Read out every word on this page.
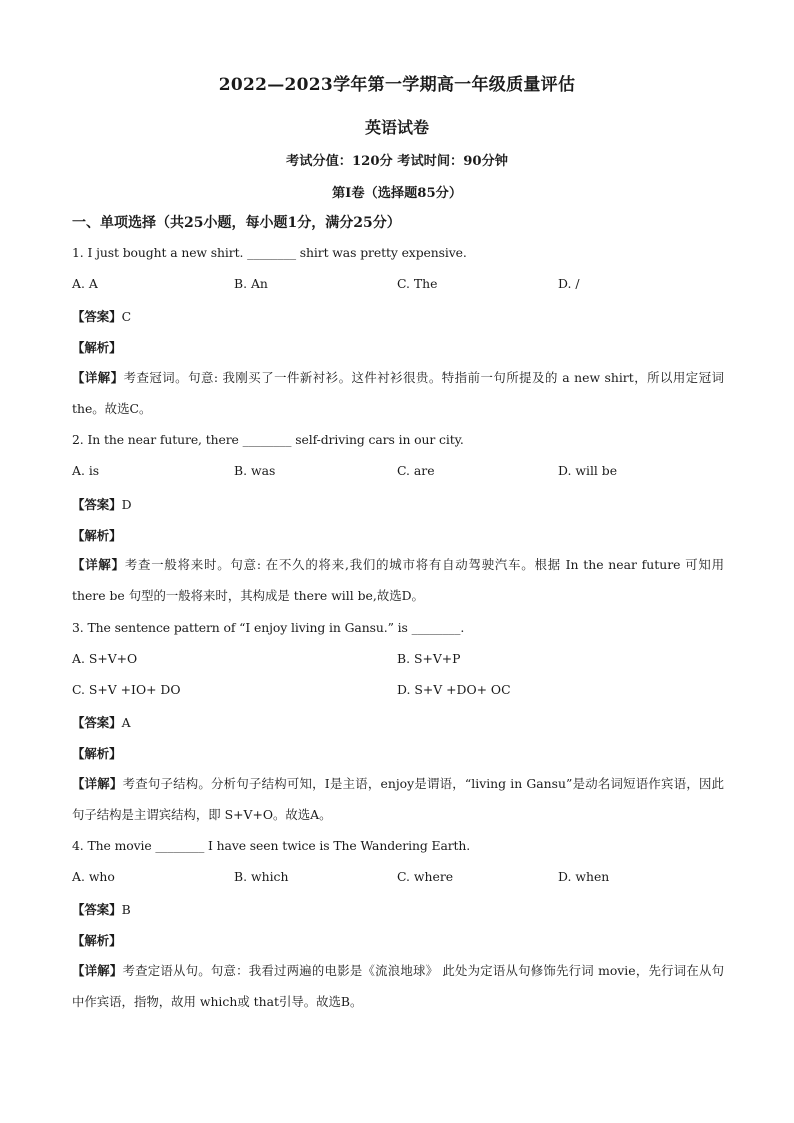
2022—2023学年第一学期高一年级质量评估
英语试卷
考试分值：120分 考试时间：90分钟
第I卷（选择题85分）
一、单项选择（共25小题，每小题1分，满分25分）
1. I just bought a new shirt. ________ shirt was pretty expensive.
A. A	B. An	C. The	D. /
【答案】C
【解析】
【详解】考查冠词。句意: 我刚买了一件新衬衫。这件衬衫很贵。特指前一句所提及的 a new shirt，所以用定冠词 the。故选C。
2. In the near future, there ________ self-driving cars in our city.
A. is	B. was	C. are	D. will be
【答案】D
【解析】
【详解】考查一般将来时。句意: 在不久的将来,我们的城市将有自动驾驶汽车。根据 In the near future 可知用 there be 句型的一般将来时，其构成是 there will be,故选D。
3. The sentence pattern of “I enjoy living in Gansu.” is ________.
A. S+V+O	B. S+V+P
C. S+V +IO+ DO	D. S+V +DO+ OC
【答案】A
【解析】
【详解】考查句子结构。分析句子结构可知，I是主语，enjoy是谓语，“living in Gansu”是动名词短语作宾语，因此句子结构是主谓宾结构，即 S+V+O。故选A。
4. The movie ________ I have seen twice is The Wandering Earth.
A. who	B. which	C. where	D. when
【答案】B
【解析】
【详解】考查定语从句。句意：我看过两遍的电影是《流浪地球》 此处为定语从句修饰先行词 movie，先行词在从句中作宾语，指物，故用 which或 that引导。故选B。
